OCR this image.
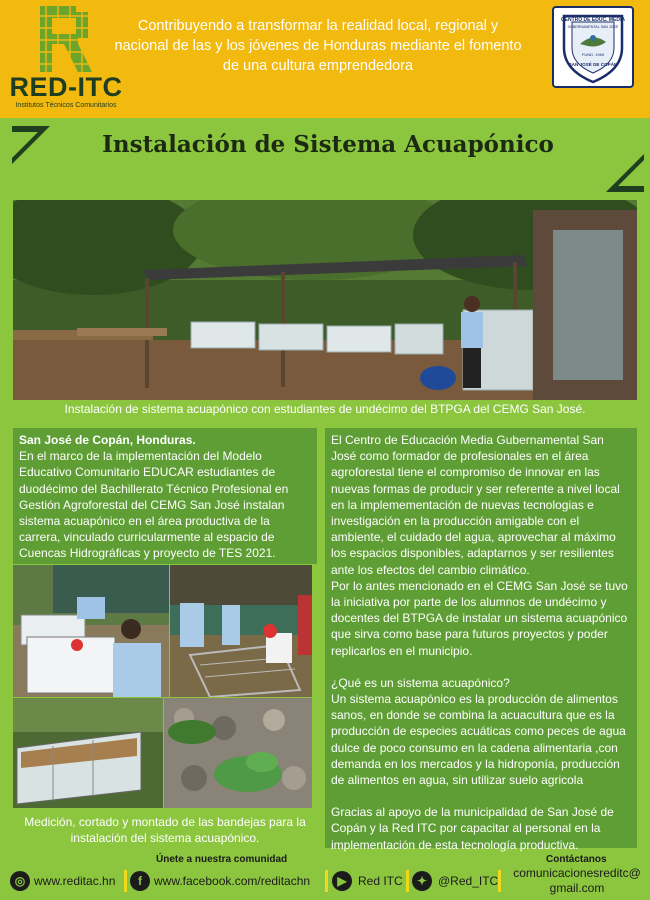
RED-ITC
Institutos Técnicos Comunitarios
Contribuyendo a transformar la realidad local, regional y nacional de las y los jóvenes de Honduras mediante el fomento de una cultura emprendedora
CENTRO DE EDUC. MEDIA
GUBERNAMENTAL SAN JOSÉ
FUND. 1969
SAN JOSÉ DE COPÁN
Instalación de Sistema Acuapónico
Instalación de sistema acuapónico con estudiantes de undécimo del BTPGA del CEMG San José.

San José de Copán, Honduras.

En el marco de la implementación del Modelo Educativo Comunitario EDUCAR estudiantes de duodécimo del Bachillerato Técnico Profesional en Gestión Agroforestal del CEMG San José instalan sistema acuapónico en el área productiva de la carrera, vinculado curricularmente al espacio de Cuencas Hidrográficas y proyecto de TES 2021.

Medición, cortado y montado de las bandejas para la instalación del sistema acuapónico.

El Centro de Educación Media Gubernamental San José como formador de profesionales en el área agroforestal tiene el compromiso de innovar en las nuevas formas de producir y ser referente a nivel local en la implemementación de nuevas tecnologias e investigación en la producción amigable con el ambiente, el cuidado del agua, aprovechar al máximo los espacios disponibles, adaptarnos y ser resilientes ante los efectos del cambio climático.

Por lo antes mencionado en el CEMG San José se tuvo la iniciativa por parte de los alumnos de undécimo y docentes del BTPGA de instalar un sistema acuapónico que sirva como base para futuros proyectos y poder replicarlos en el municipio.

¿Qué es un sistema acuapónico?

Un sistema acuapónico es la producción de alimentos sanos, en donde se combina la acuacultura que es la producción de especies acuáticas como peces de agua dulce de poco consumo en la cadena alimentaria ,con demanda en los mercados y la hidroponía, producción de alimentos en agua, sin utilizar suelo agricola

Gracias al apoyo de la municipalidad de San José de Copán y la Red ITC por capacitar al personal en la implementación de esta tecnología productiva.

Únete a nuestra comunidad	Contáctanos
comunicacionesreditc@ gmail.com
◎ www.reditac.hn	f	www.facebook.com/reditachn	▶ Red ITC	✦ @Red_ITC
